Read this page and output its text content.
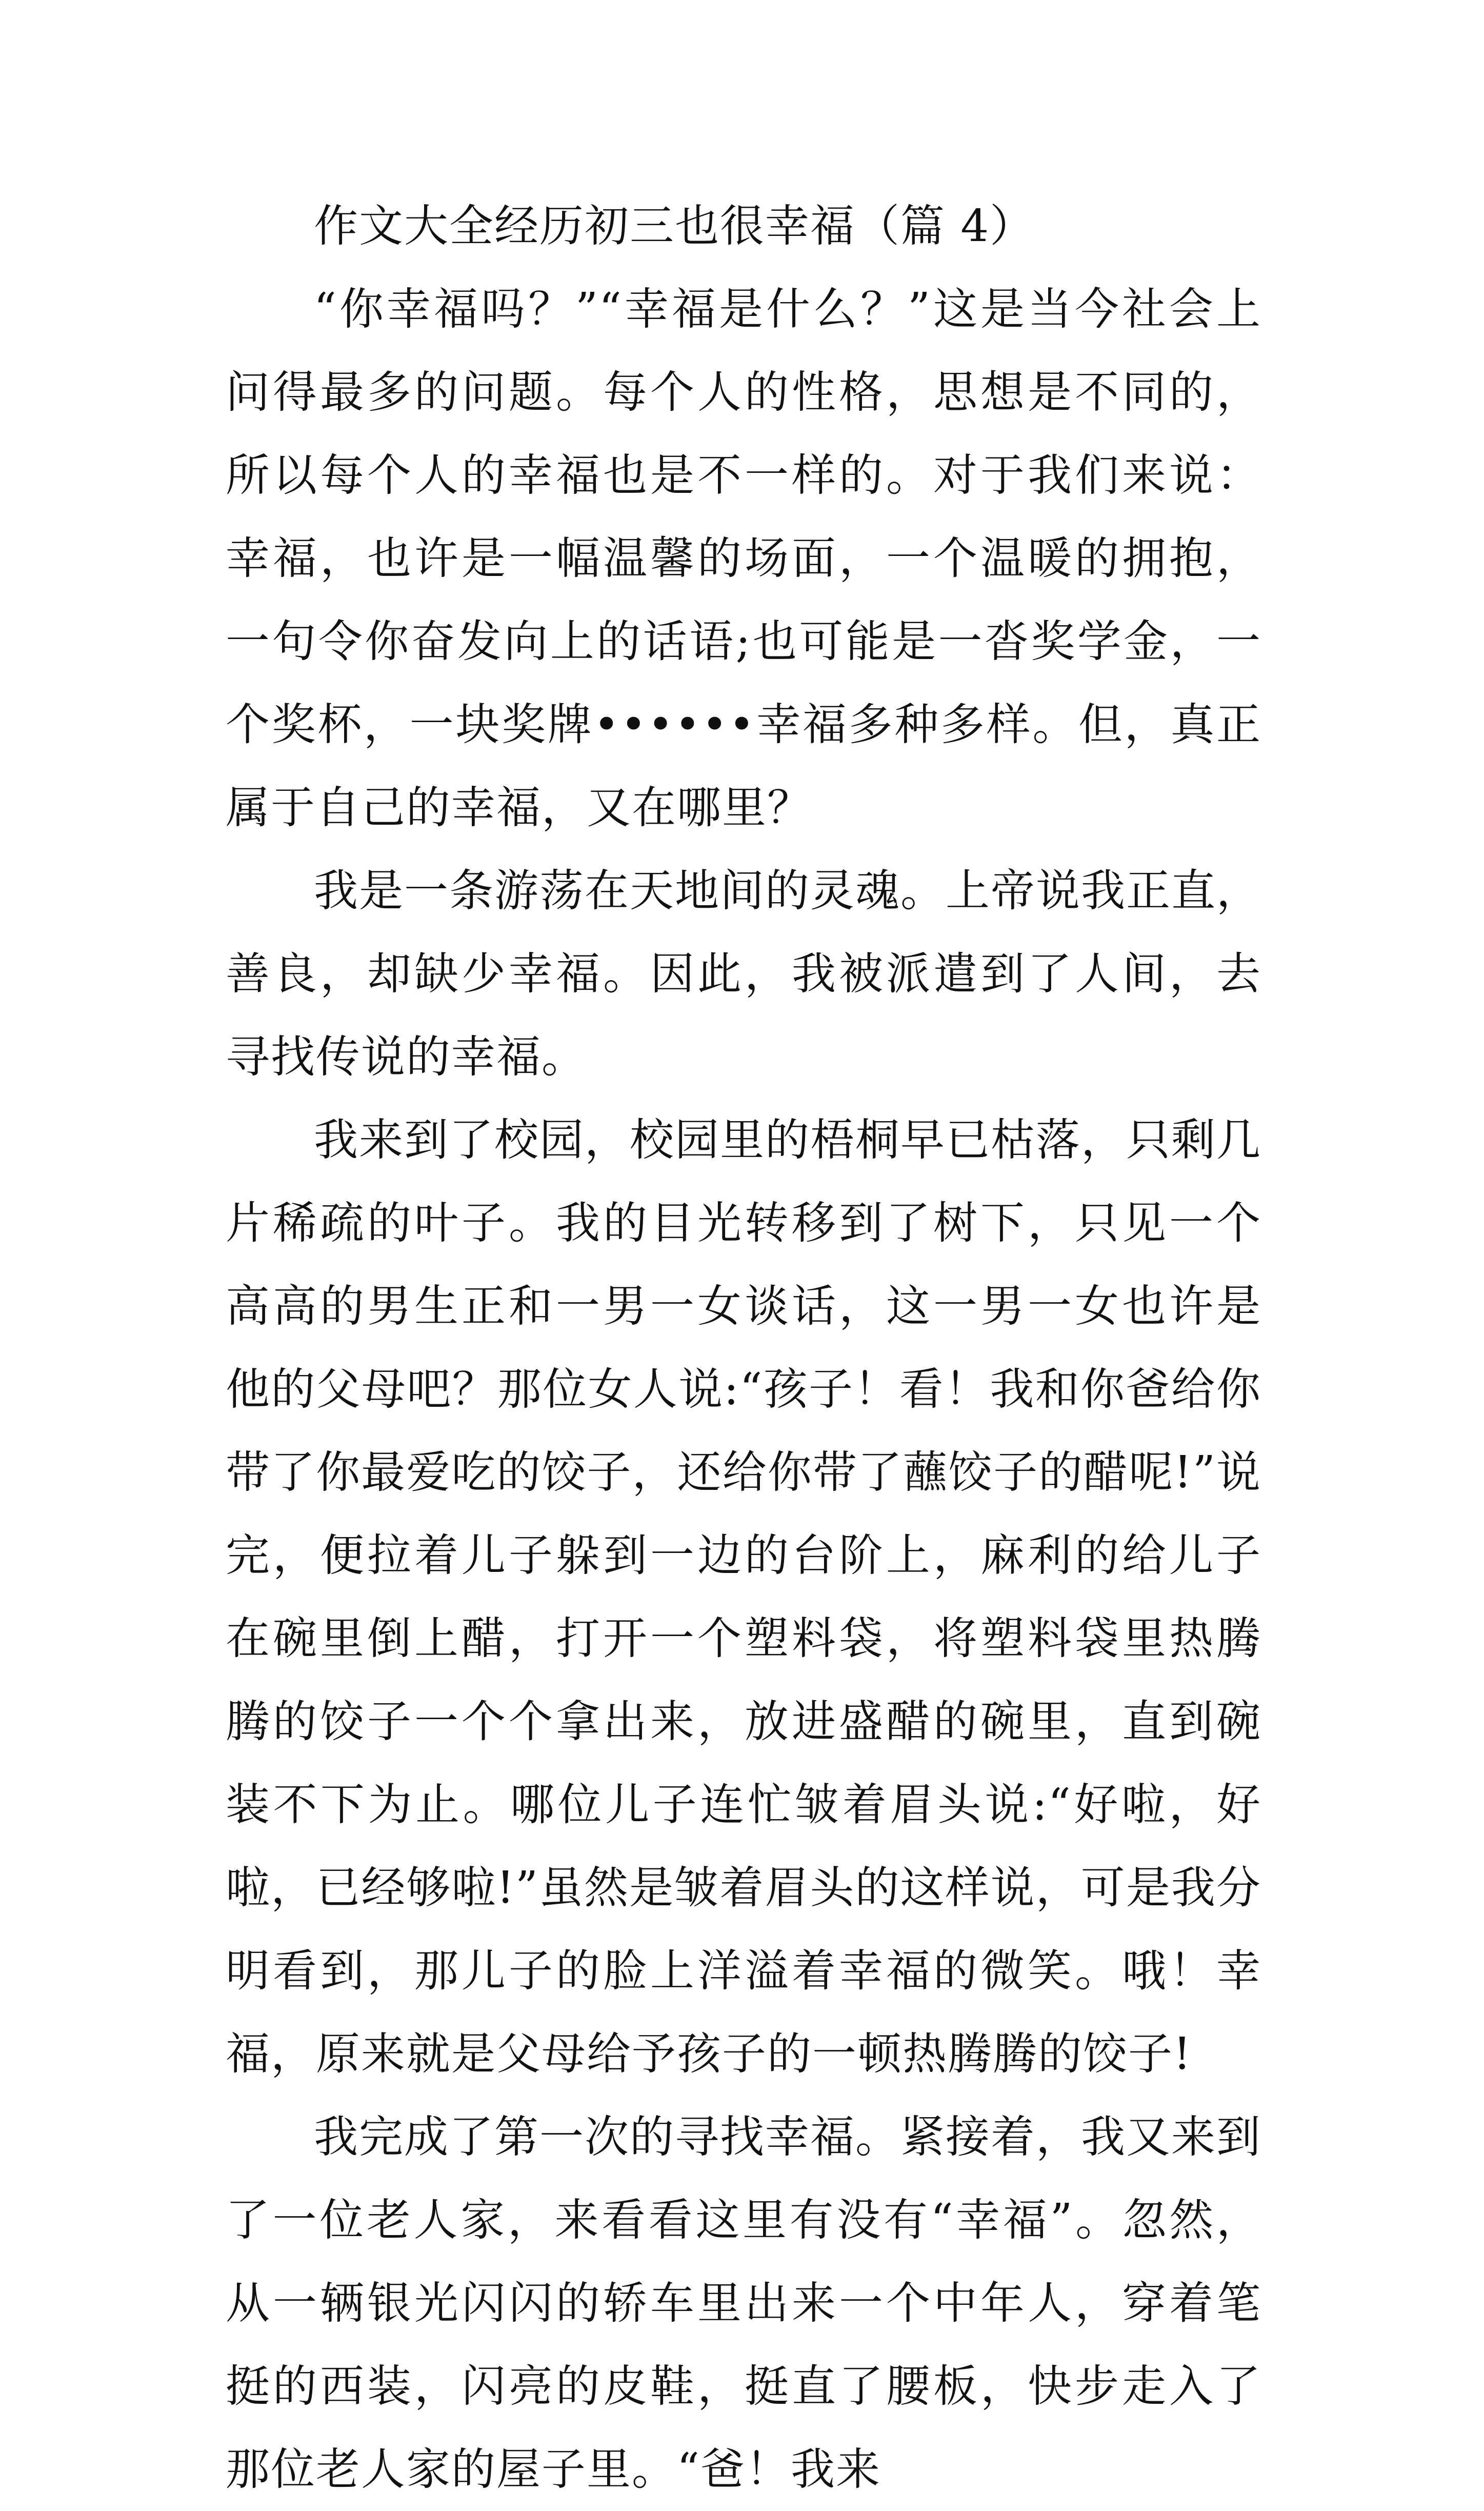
作文大全经历初三也很幸福（篇 4）

“你幸福吗？”“幸福是什么？”这是当今社会上问得最多的问题。每个人的性格，思想是不同的，所以每个人的幸福也是不一样的。对于我们来说：幸福，也许是一幅温馨的场面，一个温暖的拥抱，一句令你奋发向上的话语;也可能是一沓奖学金，一个奖杯，一块奖牌••••••幸福多种多样。但，真正属于自己的幸福，又在哪里？

我是一条游荡在天地间的灵魂。上帝说我正直，善良，却缺少幸福。因此，我被派遣到了人间，去寻找传说的幸福。

我来到了校园，校园里的梧桐早已枯落，只剩几片稀疏的叶子。我的目光转移到了树下，只见一个高高的男生正和一男一女谈话，这一男一女也许是他的父母吧？那位女人说:“孩子！看！我和你爸给你带了你最爱吃的饺子，还给你带了蘸饺子的醋呢!”说完，便拉着儿子躲到一边的台阶上，麻利的给儿子在碗里倒上醋，打开一个塑料袋，将塑料袋里热腾腾的饺子一个个拿出来，放进盛醋的碗里，直到碗装不下为止。哪位儿子连忙皱着眉头说:“好啦，好啦，已经够啦!”虽然是皱着眉头的这样说，可是我分明看到，那儿子的脸上洋溢着幸福的微笑。哦！幸福，原来就是父母给予孩子的一顿热腾腾的饺子!

我完成了第一次的寻找幸福。紧接着，我又来到了一位老人家，来看看这里有没有“幸福”。忽然，从一辆银光闪闪的轿车里出来一个中年人，穿着笔挺的西装，闪亮的皮鞋，挺直了腰板，快步走入了那位老人家的屋子里。“爸！我来
